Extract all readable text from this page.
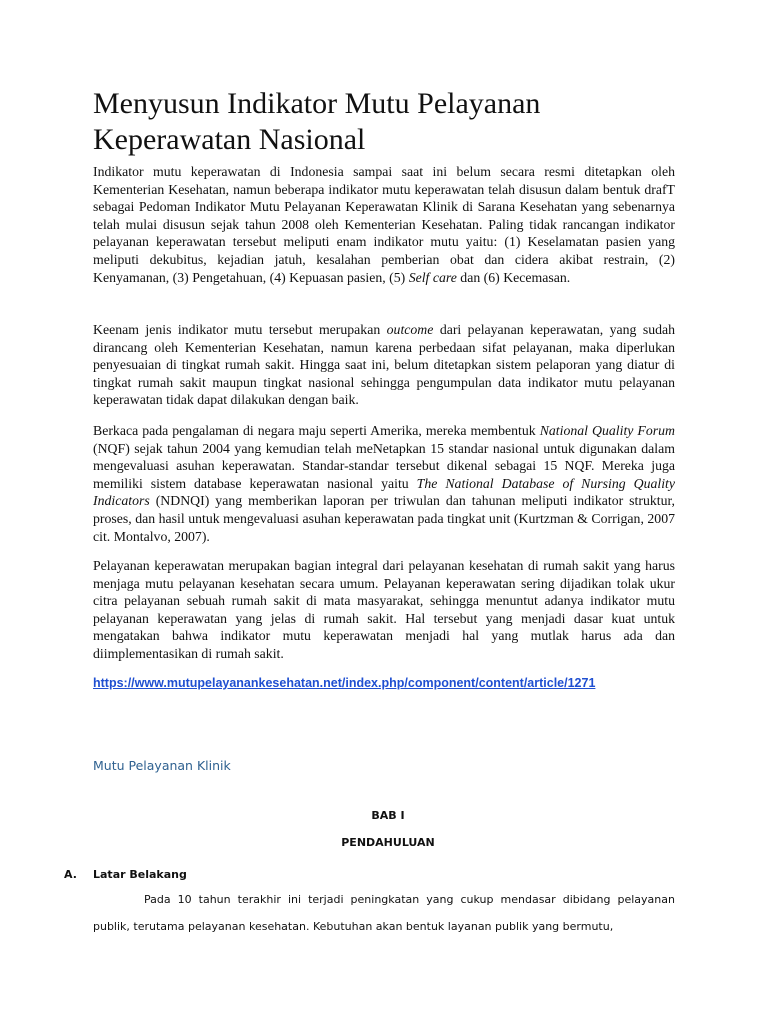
Menyusun Indikator Mutu Pelayanan Keperawatan Nasional

Indikator mutu keperawatan di Indonesia sampai saat ini belum secara resmi ditetapkan oleh Kementerian Kesehatan, namun beberapa indikator mutu keperawatan telah disusun dalam bentuk drafT sebagai Pedoman Indikator Mutu Pelayanan Keperawatan Klinik di Sarana Kesehatan yang sebenarnya telah mulai disusun sejak tahun 2008 oleh Kementerian Kesehatan. Paling tidak rancangan indikator pelayanan keperawatan tersebut meliputi enam indikator mutu yaitu: (1) Keselamatan pasien yang meliputi dekubitus, kejadian jatuh, kesalahan pemberian obat dan cidera akibat restrain, (2) Kenyamanan, (3) Pengetahuan, (4) Kepuasan pasien, (5) Self care dan (6) Kecemasan.

Keenam jenis indikator mutu tersebut merupakan outcome dari pelayanan keperawatan, yang sudah dirancang oleh Kementerian Kesehatan, namun karena perbedaan sifat pelayanan, maka diperlukan penyesuaian di tingkat rumah sakit. Hingga saat ini, belum ditetapkan sistem pelaporan yang diatur di tingkat rumah sakit maupun tingkat nasional sehingga pengumpulan data indikator mutu pelayanan keperawatan tidak dapat dilakukan dengan baik.

Berkaca pada pengalaman di negara maju seperti Amerika, mereka membentuk National Quality Forum (NQF) sejak tahun 2004 yang kemudian telah meNetapkan 15 standar nasional untuk digunakan dalam mengevaluasi asuhan keperawatan. Standar-standar tersebut dikenal sebagai 15 NQF. Mereka juga memiliki sistem database keperawatan nasional yaitu The National Database of Nursing Quality Indicators (NDNQI) yang memberikan laporan per triwulan dan tahunan meliputi indikator struktur, proses, dan hasil untuk mengevaluasi asuhan keperawatan pada tingkat unit (Kurtzman & Corrigan, 2007 cit. Montalvo, 2007).

Pelayanan keperawatan merupakan bagian integral dari pelayanan kesehatan di rumah sakit yang harus menjaga mutu pelayanan kesehatan secara umum. Pelayanan keperawatan sering dijadikan tolak ukur citra pelayanan sebuah rumah sakit di mata masyarakat, sehingga menuntut adanya indikator mutu pelayanan keperawatan yang jelas di rumah sakit. Hal tersebut yang menjadi dasar kuat untuk mengatakan bahwa indikator mutu keperawatan menjadi hal yang mutlak harus ada dan diimplementasikan di rumah sakit.

https://www.mutupelayanankesehatan.net/index.php/component/content/article/1271
Mutu Pelayanan Klinik
BAB I
PENDAHULUAN
A. Latar Belakang

Pada 10 tahun terakhir ini terjadi peningkatan yang cukup mendasar dibidang pelayanan publik, terutama pelayanan kesehatan. Kebutuhan akan bentuk layanan publik yang bermutu,
